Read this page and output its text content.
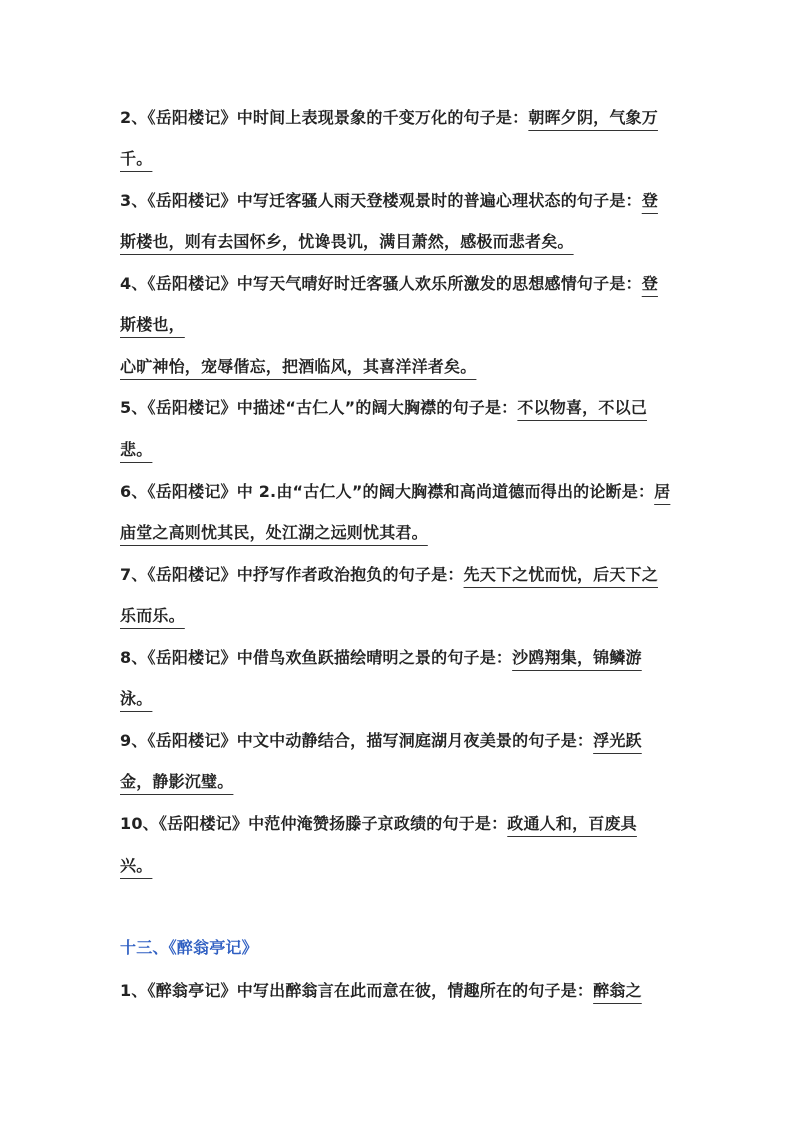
2、《岳阳楼记》中时间上表现景象的千变万化的句子是：朝晖夕阴，气象万
千。
3、《岳阳楼记》中写迁客骚人雨天登楼观景时的普遍心理状态的句子是：登
斯楼也，则有去国怀乡，忧谗畏讥，满目萧然，感极而悲者矣。
4、《岳阳楼记》中写天气晴好时迁客骚人欢乐所激发的思想感情句子是：登
斯楼也，
心旷神怡，宠辱偕忘，把酒临风，其喜洋洋者矣。
5、《岳阳楼记》中描述“古仁人”的阔大胸襟的句子是：不以物喜，不以己
悲。
6、《岳阳楼记》中 2.由“古仁人”的阔大胸襟和高尚道德而得出的论断是：居
庙堂之高则忧其民，处江湖之远则忧其君。
7、《岳阳楼记》中抒写作者政治抱负的句子是：先天下之忧而忧，后天下之
乐而乐。
8、《岳阳楼记》中借鸟欢鱼跃描绘晴明之景的句子是：沙鸥翔集，锦鳞游
泳。
9、《岳阳楼记》中文中动静结合，描写洞庭湖月夜美景的句子是：浮光跃
金，静影沉璧。
10、《岳阳楼记》中范仲淹赞扬滕子京政绩的句于是：政通人和，百废具
兴。
十三、《醉翁亭记》
1、《醉翁亭记》中写出醉翁言在此而意在彼，情趣所在的句子是：醉翁之
